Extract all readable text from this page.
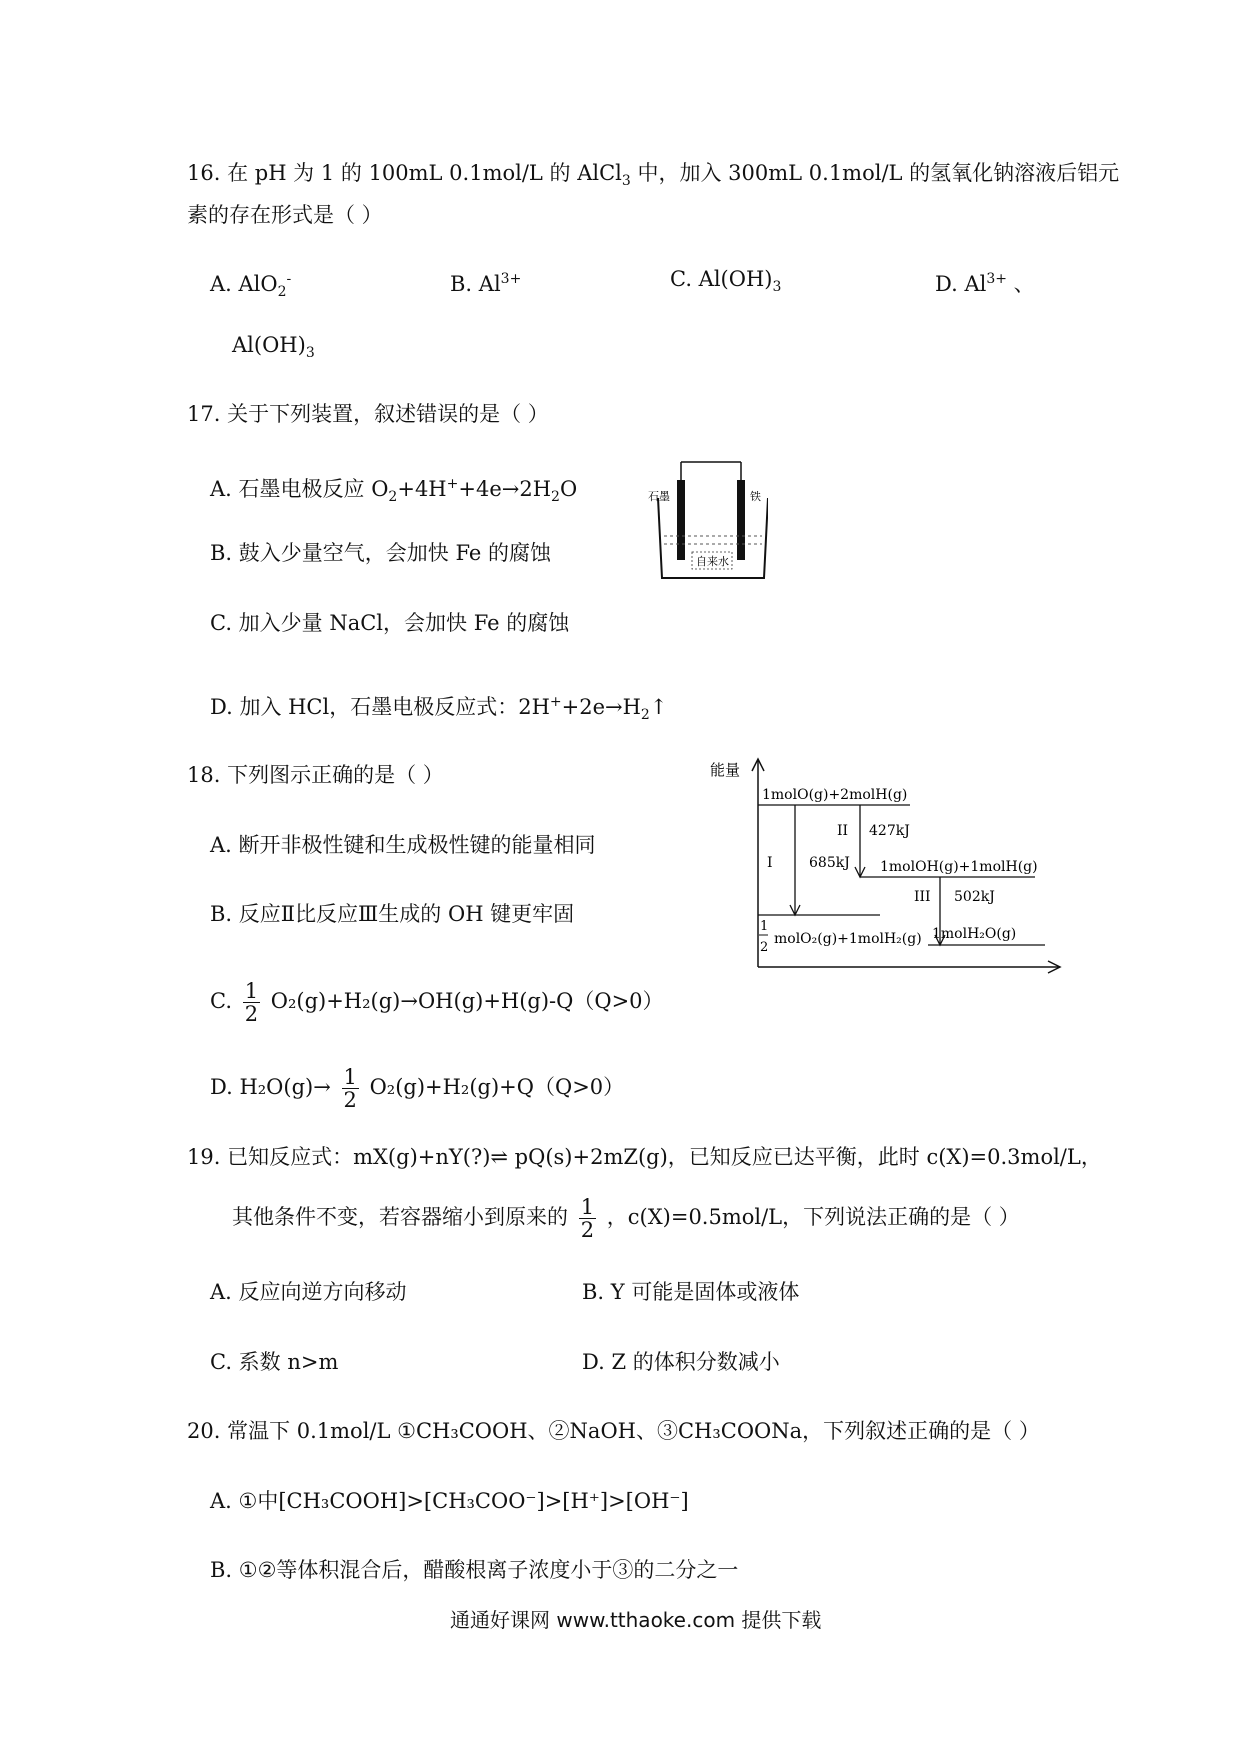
16. 在 pH 为 1 的 100mL 0.1mol/L 的 AlCl$_3$ 中，加入 300mL 0.1mol/L 的氢氧化钠溶液后铝元
素的存在形式是（ ）
A. AlO$_2$-	B. $Al^{3+}$	C. $Al(OH)_3$	D. $Al^{3+}$ 、
$Al(OH)_3$
17. 关于下列装置，叙述错误的是（ ）
A. 石墨电极反应 $O_2+4H^++4e\to 2H_2O$
B. 鼓入少量空气，会加快 Fe 的腐蚀
C. 加入少量 NaCl，会加快 Fe 的腐蚀
D. 加入 HCl，石墨电极反应式：$2H^++2e\to H_2↑$
石墨	铁
自来水
18. 下列图示正确的是（ ）
A. 断开非极性键和生成极性键的能量相同
B. 反应Ⅱ比反应Ⅲ生成的 OH 键更牢固
C. $\frac{1}{2} O_2(g)+H_2(g)\to OH(g)+H(g)-Q(Q>0)$
D. $H_2O(g)\to \frac{1}{2} O_2(g)+H_2(g)+Q(Q>0)$
能量
1molO(g)+2molH(g)
1molOH(g)+1molH(g)
1
2
molO₂(g)+1molH₂(g) 1molH₂O(g)
I	685kJ
II 427kJ
III 502kJ
19. 已知反应式：mX(g)+nY(?)⇌ pQ(s)+2mZ(g)，已知反应已达平衡，此时 c(X)=0.3mol/L，
其他条件不变，若容器缩小到原来的 $\frac{1}{2}$ ，c(X)=0.5mol/L，下列说法正确的是（ ）
A. 反应向逆方向移动	B. Y 可能是固体或液体
C. 系数 n>m	D. Z 的体积分数减小
20. 常温下 0.1mol/L ①CH₃COOH、②NaOH、③CH₃COONa，下列叙述正确的是（ ）
A. ①中[CH₃COOH]>[CH₃COO⁻]>[H⁺]>[OH⁻]
B. ①②等体积混合后，醋酸根离子浓度小于③的二分之一
通通好课网 www.tthaoke.com 提供下载
